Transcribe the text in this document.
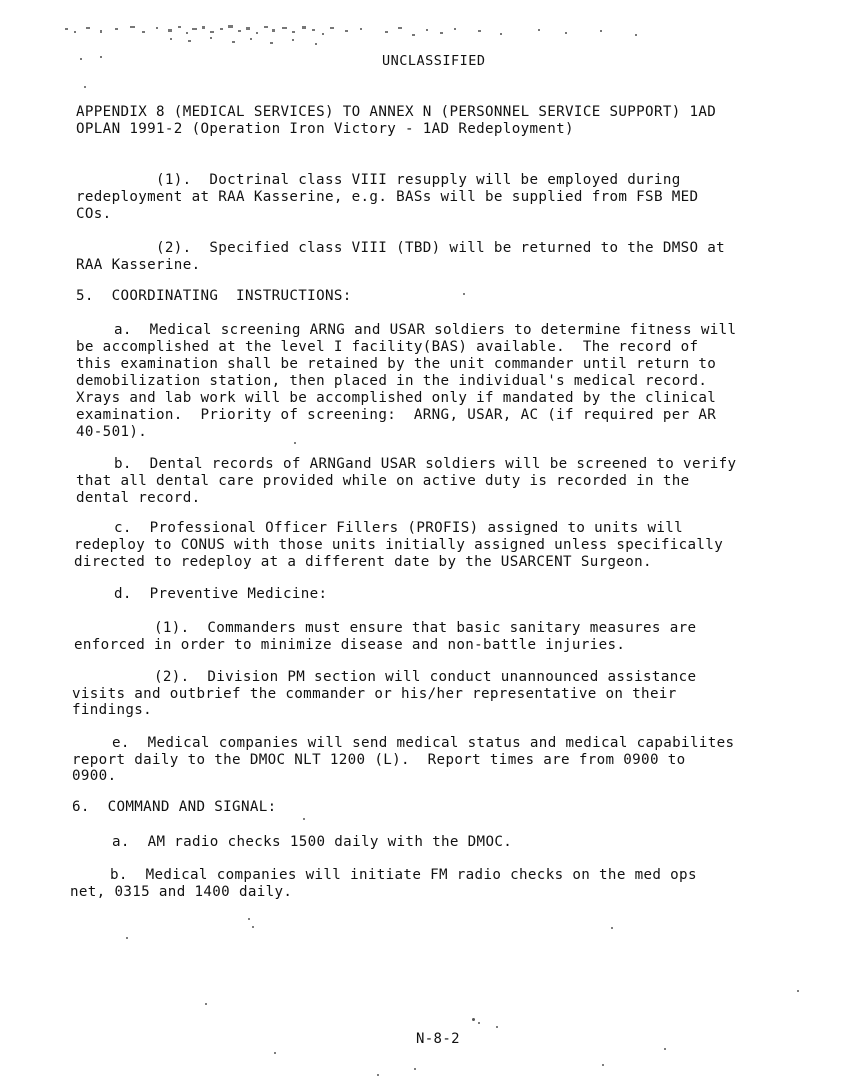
UNCLASSIFIED
APPENDIX 8 (MEDICAL SERVICES) TO ANNEX N (PERSONNEL SERVICE SUPPORT) 1AD
OPLAN 1991-2 (Operation Iron Victory - 1AD Redeployment)
(1).  Doctrinal class VIII resupply will be employed during
redeployment at RAA Kasserine, e.g. BASs will be supplied from FSB MED
COs.
(2).  Specified class VIII (TBD) will be returned to the DMSO at
RAA Kasserine.
5.  COORDINATING  INSTRUCTIONS:
a.  Medical screening ARNG and USAR soldiers to determine fitness will
be accomplished at the level I facility(BAS) available.  The record of
this examination shall be retained by the unit commander until return to
demobilization station, then placed in the individual's medical record.
Xrays and lab work will be accomplished only if mandated by the clinical
examination.  Priority of screening:  ARNG, USAR, AC (if required per AR
40-501).
b.  Dental records of ARNGand USAR soldiers will be screened to verify
that all dental care provided while on active duty is recorded in the
dental record.
c.  Professional Officer Fillers (PROFIS) assigned to units will
redeploy to CONUS with those units initially assigned unless specifically
directed to redeploy at a different date by the USARCENT Surgeon.
d.  Preventive Medicine:
(1).  Commanders must ensure that basic sanitary measures are
enforced in order to minimize disease and non-battle injuries.
(2).  Division PM section will conduct unannounced assistance
visits and outbrief the commander or his/her representative on their
findings.
e.  Medical companies will send medical status and medical capabilites
report daily to the DMOC NLT 1200 (L).  Report times are from 0900 to
0900.
6.  COMMAND AND SIGNAL:
a.  AM radio checks 1500 daily with the DMOC.
b.  Medical companies will initiate FM radio checks on the med ops
net, 0315 and 1400 daily.
N-8-2
